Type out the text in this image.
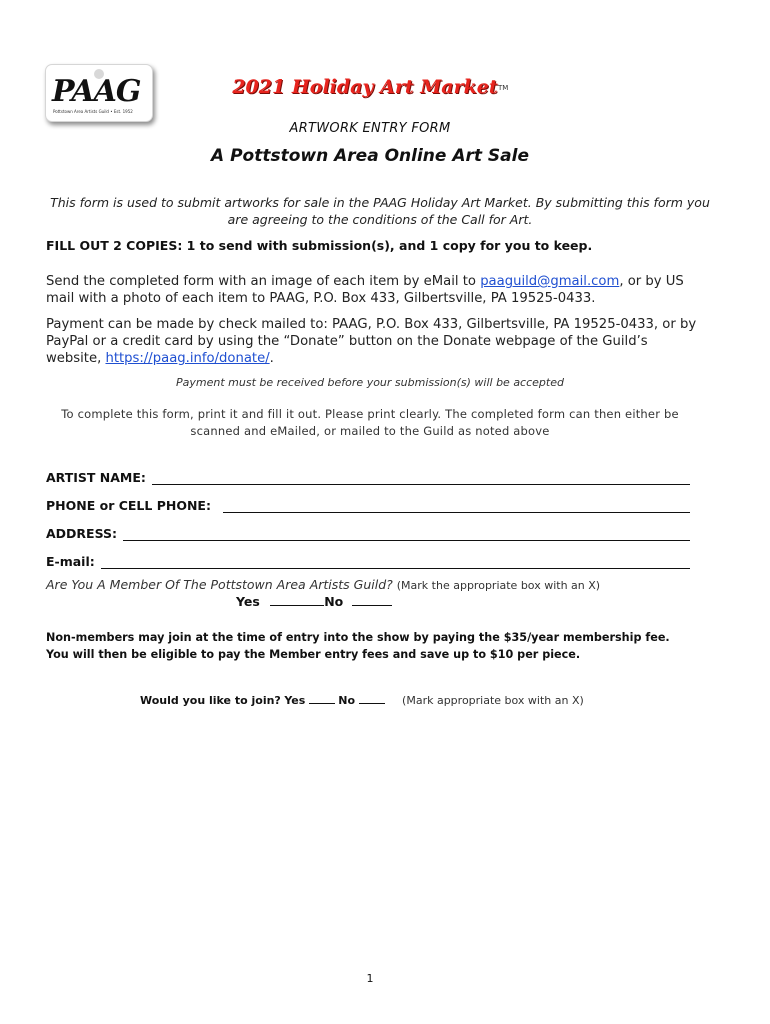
PAAG
Pottstown Area Artists Guild • Est. 1952
2021 Holiday Art Market TM
ARTWORK ENTRY FORM
A Pottstown Area Online Art Sale
This form is used to submit artworks for sale in the PAAG Holiday Art Market. By submitting this form you are agreeing to the conditions of the Call for Art.
FILL OUT 2 COPIES: 1 to send with submission(s), and 1 copy for you to keep.
Send the completed form with an image of each item by eMail to paaguild@gmail.com, or by US mail with a photo of each item to PAAG, P.O. Box 433, Gilbertsville, PA 19525-0433.
Payment can be made by check mailed to: PAAG, P.O. Box 433, Gilbertsville, PA 19525-0433, or by PayPal or a credit card by using the “Donate” button on the Donate webpage of the Guild’s website, https://paag.info/donate/.
Payment must be received before your submission(s) will be accepted
To complete this form, print it and fill it out. Please print clearly. The completed form can then either be scanned and eMailed, or mailed to the Guild as noted above
ARTIST NAME:
PHONE or CELL PHONE:
ADDRESS:
E-mail:
Are You A Member Of The Pottstown Area Artists Guild? (Mark the appropriate box with an X)
Yes	No
Non-members may join at the time of entry into the show by paying the $35/year membership fee.
You will then be eligible to pay the Member entry fees and save up to $10 per piece.
Would you like to join? Yes	No	(Mark appropriate box with an X)
1
